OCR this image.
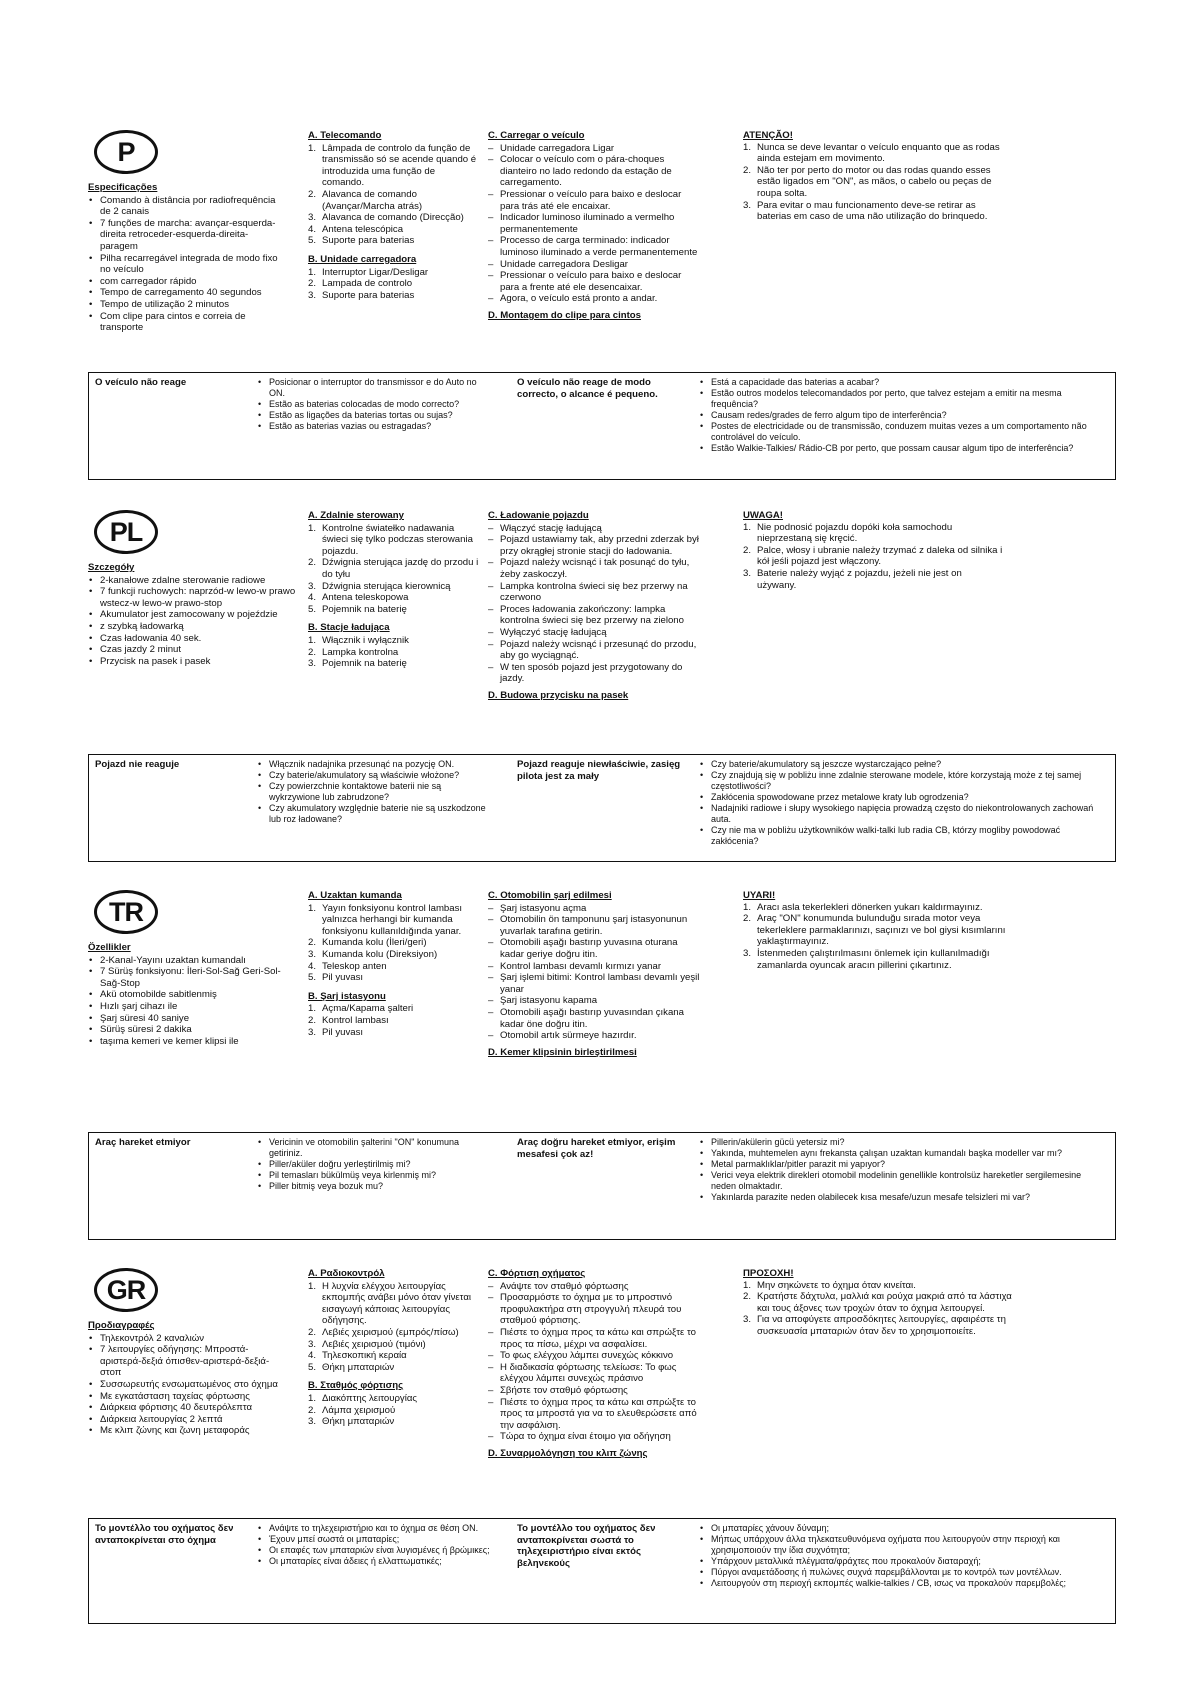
P
Especificações
• Comando à distância por radiofrequência de 2 canais
• 7 funções de marcha: avançar-esquerda-direita retroceder-esquerda-direita-paragem
• Pilha recarregável integrada de modo fixo no veículo
• com carregador rápido
• Tempo de carregamento 40 segundos
• Tempo de utilização 2 minutos
• Com clipe para cintos e correia de transporte
A. Telecomando
1. Lâmpada de controlo da função de transmissão só se acende quando é introduzida uma função de comando.
2. Alavanca de comando (Avançar/Marcha atrás)
3. Alavanca de comando (Direcção)
4. Antena telescópica
5. Suporte para baterias
B. Unidade carregadora
1. Interruptor Ligar/Desligar
2. Lampada de controlo
3. Suporte para baterias
C. Carregar o veículo
– Unidade carregadora Ligar
– Colocar o veículo com o pára-choques dianteiro no lado redondo da estação de carregamento.
– Pressionar o veículo para baixo e deslocar para trás até ele encaixar.
– Indicador luminoso iluminado a vermelho permanentemente
– Processo de carga terminado: indicador luminoso iluminado a verde permanentemente
– Unidade carregadora Desligar
– Pressionar o veículo para baixo e deslocar para a frente até ele desencaixar.
– Agora, o veículo está pronto a andar.
D. Montagem do clipe para cintos
ATENÇÃO!
1. Nunca se deve levantar o veículo enquanto que as rodas ainda estejam em movimento.
2. Não ter por perto do motor ou das rodas quando esses estão ligados em "ON", as mãos, o cabelo ou peças de roupa solta.
3. Para evitar o mau funcionamento deve-se retirar as baterias em caso de uma não utilização do brinquedo.
O veículo não reage	• Posicionar o interruptor do transmissor e do Auto no ON.
• Estão as baterias colocadas de modo correcto?
• Estão as ligações da baterias tortas ou sujas?
• Estão as baterias vazias ou estragadas?
O veículo não reage de modo correcto, o alcance é pequeno.
• Está a capacidade das baterias a acabar?
• Estão outros modelos telecomandados por perto, que talvez estejam a emitir na mesma frequência?
• Causam redes/grades de ferro algum tipo de interferência?
• Postes de electricidade ou de transmissão, conduzem muitas vezes a um comportamento não controlável do veículo.
• Estão Walkie-Talkies/ Rádio-CB por perto, que possam causar algum tipo de interferência?
PL
Szczegóły
• 2-kanałowe zdalne sterowanie radiowe
• 7 funkcji ruchowych: naprzód-w lewo-w prawo wstecz-w lewo-w prawo-stop
• Akumulator jest zamocowany w pojeździe
• z szybką ładowarką
• Czas ładowania 40 sek.
• Czas jazdy 2 minut
• Przycisk na pasek i pasek
A. Zdalnie sterowany
1. Kontrolne światełko nadawania świeci się tylko podczas sterowania pojazdu.
2. Dźwignia sterująca jazdę do przodu i do tyłu
3. Dźwignia sterująca kierownicą
4. Antena teleskopowa
5. Pojemnik na baterię
B. Stacje ładująca
1. Włącznik i wyłącznik
2. Lampka kontrolna
3. Pojemnik na baterię
C. Ładowanie pojazdu
– Włączyć stację ładującą
– Pojazd ustawiamy tak, aby przedni zderzak był przy okrągłej stronie stacji do ładowania.
– Pojazd należy wcisnąć i tak posunąć do tyłu, żeby zaskoczył.
– Lampka kontrolna świeci się bez przerwy na czerwono
– Proces ładowania zakończony: lampka kontrolna świeci się bez przerwy na zielono
– Wyłączyć stację ładującą
– Pojazd należy wcisnąć i przesunąć do przodu, aby go wyciągnąć.
– W ten sposób pojazd jest przygotowany do jazdy.
D. Budowa przycisku na pasek
UWAGA!
1. Nie podnosić pojazdu dopóki koła samochodu nieprzestaną się kręcić.
2. Palce, włosy i ubranie należy trzymać z daleka od silnika i kół jeśli pojazd jest włączony.
3. Baterie należy wyjąć z pojazdu, jeżeli nie jest on używany.
Pojazd nie reaguje	• Włącznik nadajnika przesunąć na pozycję ON.
• Czy baterie/akumulatory są właściwie włożone?
• Czy powierzchnie kontaktowe baterii nie są wykrzywione lub zabrudzone?
• Czy akumulatory względnie baterie nie są uszkodzone lub roz ładowane?
Pojazd reaguje niewłaściwie, zasięg pilota jest za mały
• Czy baterie/akumulatory są jeszcze wystarczająco pełne?
• Czy znajdują się w pobliżu inne zdalnie sterowane modele, które korzystają może z tej samej częstotliwości?
• Zakłócenia spowodowane przez metalowe kraty lub ogrodzenia?
• Nadajniki radiowe i słupy wysokiego napięcia prowadzą często do niekontrolowanych zachowań auta.
• Czy nie ma w pobliżu użytkowników walki-talki lub radia CB, którzy mogliby powodować zakłócenia?
TR
Özellikler
• 2-Kanal-Yayını uzaktan kumandalı
• 7 Sürüş fonksiyonu: İleri-Sol-Sağ Geri-Sol-Sağ-Stop
• Akü otomobilde sabitlenmiş
• Hızlı şarj cihazı ile
• Şarj süresi 40 saniye
• Sürüş süresi 2 dakika
• taşıma kemeri ve kemer klipsi ile
A. Uzaktan kumanda
1. Yayın fonksiyonu kontrol lambası yalnızca herhangi bir kumanda fonksiyonu kullanıldığında yanar.
2. Kumanda kolu (İleri/geri)
3. Kumanda kolu (Direksiyon)
4. Teleskop anten
5. Pil yuvası
B. Şarj istasyonu
1. Açma/Kapama şalteri
2. Kontrol lambası
3. Pil yuvası
C. Otomobilin şarj edilmesi
– Şarj istasyonu açma
– Otomobilin ön tamponunu şarj istasyonunun yuvarlak tarafına getirin.
– Otomobili aşağı bastırıp yuvasına oturana kadar geriye doğru itin.
– Kontrol lambası devamlı kırmızı yanar
– Şarj işlemi bitimi: Kontrol lambası devamlı yeşil yanar
– Şarj istasyonu kapama
– Otomobili aşağı bastırıp yuvasından çıkana kadar öne doğru itin.
– Otomobil artık sürmeye hazırdır.
D. Kemer klipsinin birleştirilmesi
UYARI!
1. Aracı asla tekerlekleri dönerken yukarı kaldırmayınız.
2. Araç "ON" konumunda bulunduğu sırada motor veya tekerleklere parmaklarınızı, saçınızı ve bol giysi kısımlarını yaklaştırmayınız.
3. İstenmeden çalıştırılmasını önlemek için kullanılmadığı zamanlarda oyuncak aracın pillerini çıkartınız.
Araç hareket etmiyor	• Vericinin ve otomobilin şalterini "ON" konumuna getiriniz.
• Piller/aküler doğru yerleştirilmiş mi?
• Pil temasları bükülmüş veya kirlenmiş mi?
• Piller bitmiş veya bozuk mu?
Araç doğru hareket etmiyor, erişim mesafesi çok az!
• Pillerin/akülerin gücü yetersiz mi?
• Yakında, muhtemelen aynı frekansta çalışan uzaktan kumandalı başka modeller var mı?
• Metal parmaklıklar/pitler parazit mi yapıyor?
• Verici veya elektrik direkleri otomobil modelinin genellikle kontrolsüz hareketler sergilemesine neden olmaktadır.
• Yakınlarda parazite neden olabilecek kısa mesafe/uzun mesafe telsizleri mi var?
GR
Προδιαγραφές
• Τηλεκοντρόλ 2 καναλιών
• 7 λειτουργίες οδήγησης: Μπροστά-αριστερά-δεξιά όπισθεν-αριστερά-δεξιά-στοπ
• Συσσωρευτής ενσωματωμένος στο όχημα
• Με εγκατάσταση ταχείας φόρτωσης
• Διάρκεια φόρτισης 40 δευτερόλεπτα
• Διάρκεια λειτουργίας 2 λεπτά
• Με κλιπ ζώνης και ζωνη μεταφοράς
A. Ραδιοκοντρόλ
1. Η λυχνία ελέγχου λειτουργίας εκπομπής ανάβει μόνο όταν γίνεται εισαγωγή κάποιας λειτουργίας οδήγησης.
2. Λεβιές χειρισμού (εμπρός/πίσω)
3. Λεβιές χειρισμού (τιμόνι)
4. Τηλεσκοπική κεραία
5. Θήκη μπαταριών
B. Σταθμός φόρτισης
1. Διακόπτης λειτουργίας
2. Λάμπα χειρισμού
3. Θήκη μπαταριών
C. Φόρτιση οχήματος
– Ανάψτε τον σταθμό φόρτωσης
– Προσαρμόστε το όχημα με το μπροστινό προφυλακτήρα στη στρογγυλή πλευρά του σταθμού φόρτισης.
– Πιέστε το όχημα προς τα κάτω και σπρώξτε το προς τα πίσω, μέχρι να ασφαλίσει.
– Το φως ελέγχου λάμπει συνεχώς κόκκινο
– Η διαδικασία φόρτωσης τελείωσε: Το φως ελέγχου λάμπει συνεχώς πράσινο
– Σβήστε τον σταθμό φόρτωσης
– Πιέστε το όχημα προς τα κάτω και σπρώξτε το προς τα μπροστά για να το ελευθερώσετε από την ασφάλιση.
– Τώρα το όχημα είναι έτοιμο για οδήγηση
D. Συναρμολόγηση του κλιπ ζώνης
ΠΡΟΣΟΧΗ!
1. Μην σηκώνετε το όχημα όταν κινείται.
2. Κρατήστε δάχτυλα, μαλλιά και ρούχα μακριά από τα λάστιχα και τους άξονες των τροχών όταν το όχημα λειτουργεί.
3. Για να αποφύγετε απροσδόκητες λειτουργίες, αφαιρέστε τη συσκευασία μπαταριών όταν δεν το χρησιμοποιείτε.
Το μοντέλλο του οχήματος δεν ανταποκρίνεται στο όχημα
• Ανάψτε το τηλεχειριστήριο και το όχημα σε θέση ON.
• Έχουν μπεί σωστά οι μπαταρίες;
• Οι επαφές των μπαταριών είναι λυγισμένες ή βρώμικες;
• Οι μπαταρίες είναι άδειες ή ελλαττωματικές;
Το μοντέλλο του οχήματος δεν ανταποκρίνεται σωστά το τηλεχειριστήριο είναι εκτός βεληνεκούς
• Οι μπαταρίες χάνουν δύναμη;
• Μήπως υπάρχουν άλλα τηλεκατευθυνόμενα οχήματα που λειτουργούν στην περιοχή και χρησιμοποιούν την ίδια συχνότητα;
• Υπάρχουν μεταλλικά πλέγματα/φράχτες που προκαλούν διαταραχή;
• Πύργοι αναμετάδοσης ή πυλώνες συχνά παρεμβάλλονται με το κοντρόλ των μοντέλλων.
• Λειτουργούν στη περιοχή εκπομπές walkie-talkies / CB, ισως να προκαλούν παρεμβολές;
